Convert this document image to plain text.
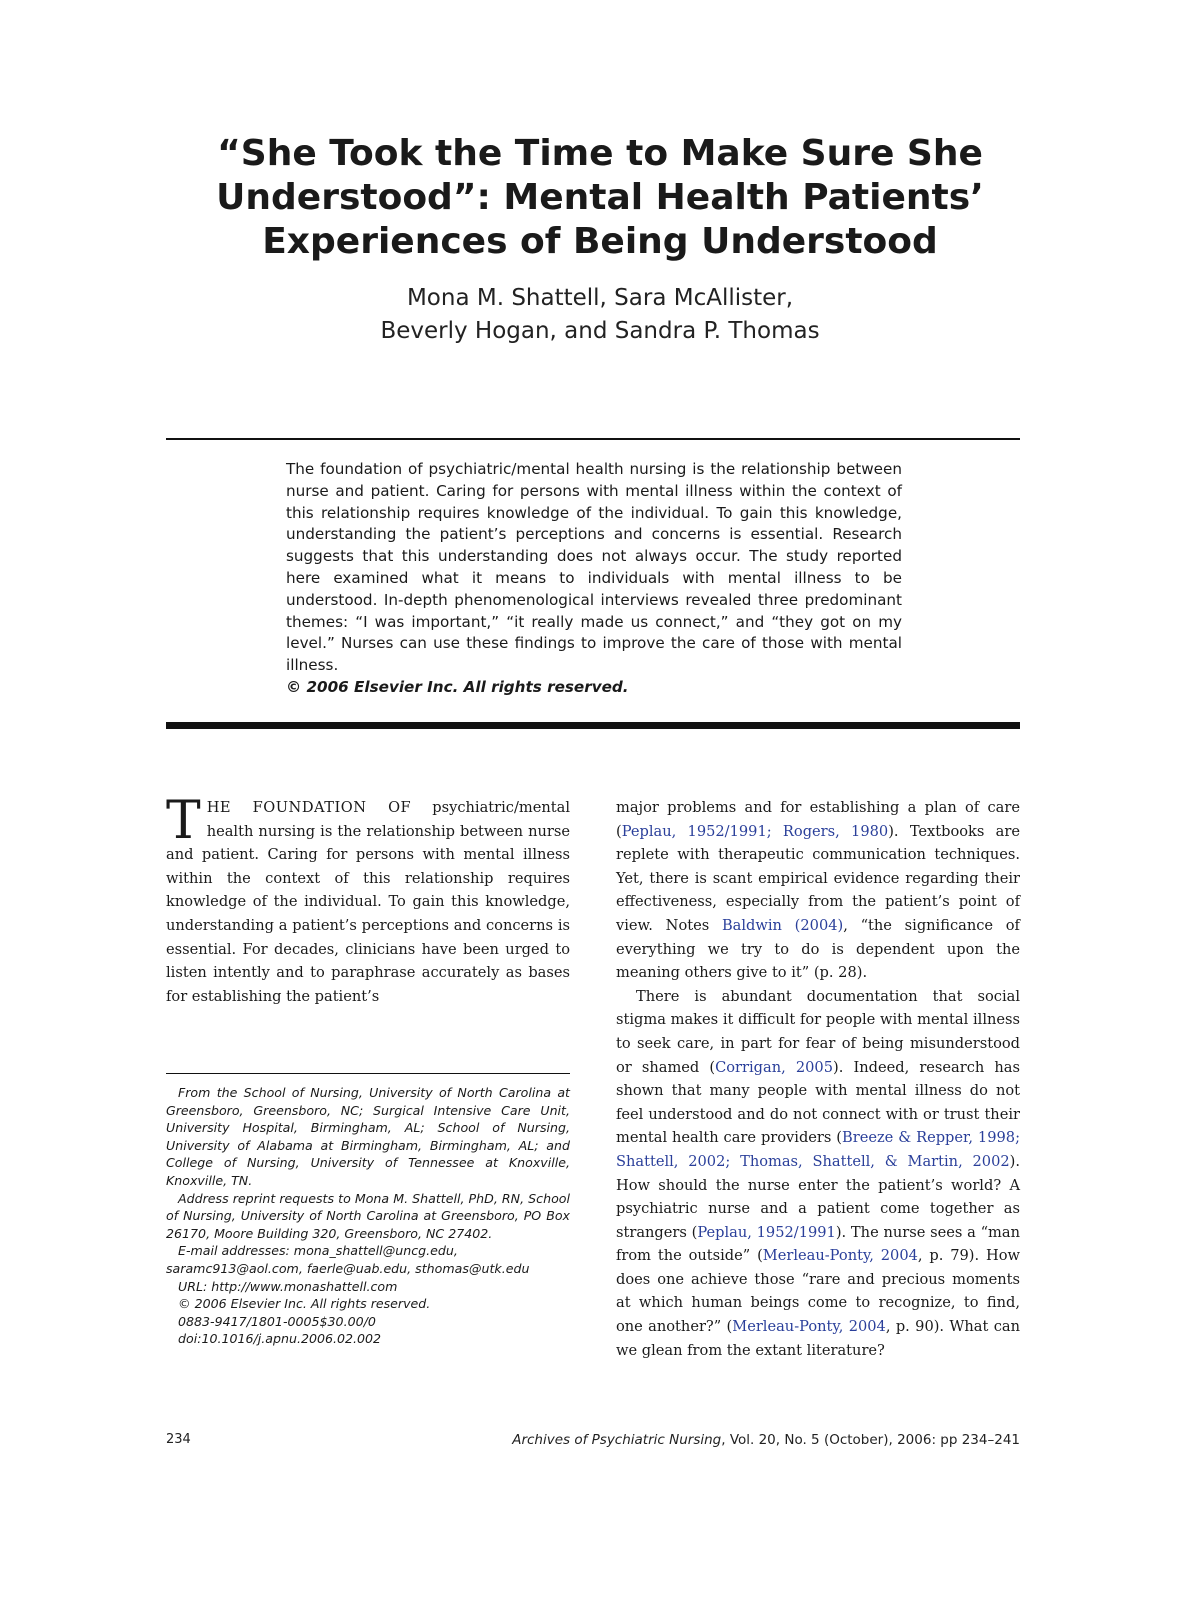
“She Took the Time to Make Sure She
Understood”: Mental Health Patients’
Experiences of Being Understood
Mona M. Shattell, Sara McAllister,
Beverly Hogan, and Sandra P. Thomas
The foundation of psychiatric/mental health nursing is the relationship between nurse and patient. Caring for persons with mental illness within the context of this relationship requires knowledge of the individual. To gain this knowledge, understanding the patient’s perceptions and concerns is essential. Research suggests that this understanding does not always occur. The study reported here examined what it means to individuals with mental illness to be understood. In-depth phenomenological interviews revealed three predominant themes: “I was important,” “it really made us connect,” and “they got on my level.” Nurses can use these findings to improve the care of those with mental illness.
© 2006 Elsevier Inc. All rights reserved.

THE FOUNDATION OF psychiatric/mental health nursing is the relationship between nurse and patient. Caring for persons with mental illness within the context of this relationship requires knowledge of the individual. To gain this knowledge, understanding a patient’s perceptions and concerns is essential. For decades, clinicians have been urged to listen intently and to paraphrase accurately as bases for establishing the patient’s

major problems and for establishing a plan of care (Peplau, 1952/1991; Rogers, 1980). Textbooks are replete with therapeutic communication techniques. Yet, there is scant empirical evidence regarding their effectiveness, especially from the patient’s point of view. Notes Baldwin (2004), “the significance of everything we try to do is dependent upon the meaning others give to it” (p. 28).

There is abundant documentation that social stigma makes it difficult for people with mental illness to seek care, in part for fear of being misunderstood or shamed (Corrigan, 2005). Indeed, research has shown that many people with mental illness do not feel understood and do not connect with or trust their mental health care providers (Breeze & Repper, 1998; Shattell, 2002; Thomas, Shattell, & Martin, 2002). How should the nurse enter the patient’s world? A psychiatric nurse and a patient come together as strangers (Peplau, 1952/1991). The nurse sees a “man from the outside” (Merleau-Ponty, 2004, p. 79). How does one achieve those “rare and precious moments at which human beings come to recognize, to find, one another?” (Merleau-Ponty, 2004, p. 90). What can we glean from the extant literature?

From the School of Nursing, University of North Carolina at Greensboro, Greensboro, NC; Surgical Intensive Care Unit, University Hospital, Birmingham, AL; School of Nursing, University of Alabama at Birmingham, Birmingham, AL; and College of Nursing, University of Tennessee at Knoxville, Knoxville, TN.

Address reprint requests to Mona M. Shattell, PhD, RN, School of Nursing, University of North Carolina at Greensboro, PO Box 26170, Moore Building 320, Greensboro, NC 27402.

E-mail addresses: mona_shattell@uncg.edu, saramc913@aol.com, faerle@uab.edu, sthomas@utk.edu

URL: http://www.monashattell.com

© 2006 Elsevier Inc. All rights reserved.

0883-9417/1801-0005$30.00/0

doi:10.1016/j.apnu.2006.02.002

234	Archives of Psychiatric Nursing, Vol. 20, No. 5 (October), 2006: pp 234–241
